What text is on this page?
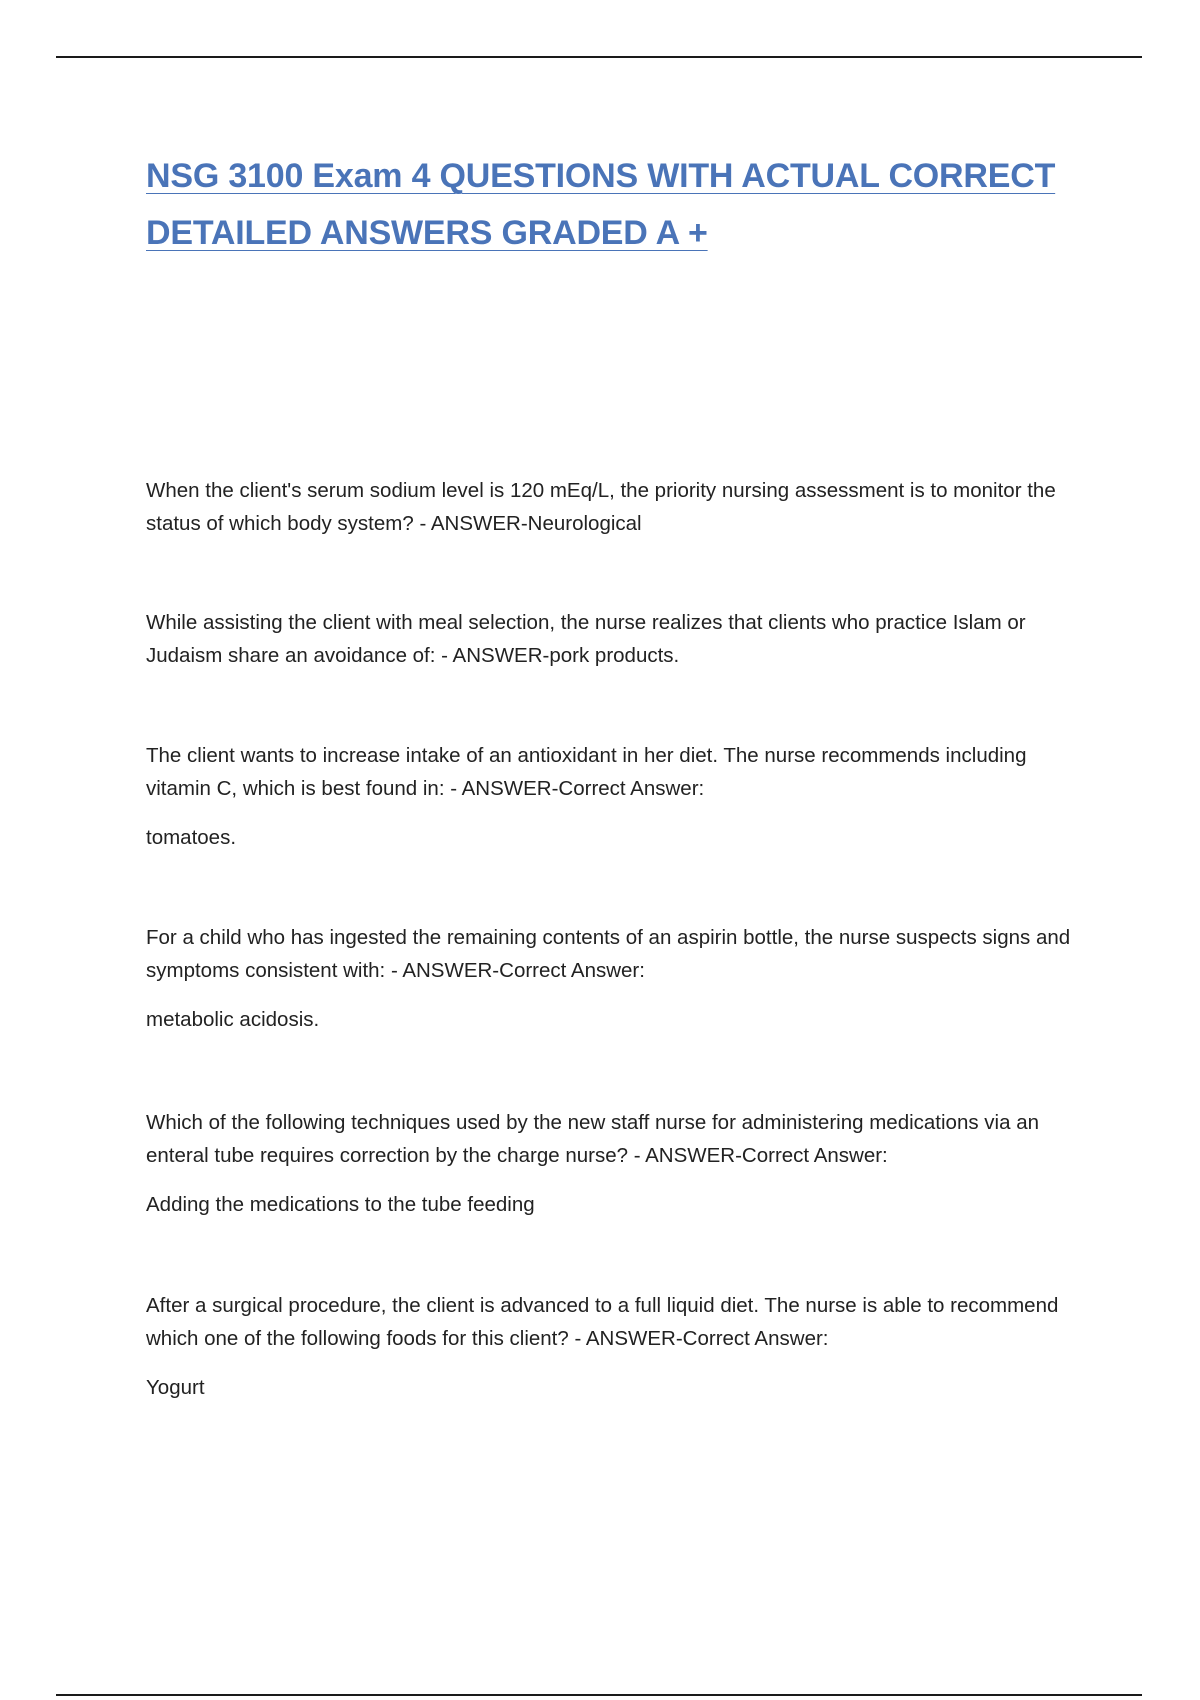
NSG 3100 Exam 4 QUESTIONS WITH ACTUAL CORRECT
DETAILED ANSWERS GRADED A +

When the client's serum sodium level is 120 mEq/L, the priority nursing assessment is to monitor the status of which body system? - ANSWER-Neurological

While assisting the client with meal selection, the nurse realizes that clients who practice Islam or Judaism share an avoidance of: - ANSWER-pork products.

The client wants to increase intake of an antioxidant in her diet. The nurse recommends including vitamin C, which is best found in: - ANSWER-Correct Answer:

tomatoes.

For a child who has ingested the remaining contents of an aspirin bottle, the nurse suspects signs and symptoms consistent with: - ANSWER-Correct Answer:

metabolic acidosis.

Which of the following techniques used by the new staff nurse for administering medications via an enteral tube requires correction by the charge nurse? - ANSWER-Correct Answer:

Adding the medications to the tube feeding

After a surgical procedure, the client is advanced to a full liquid diet. The nurse is able to recommend which one of the following foods for this client? - ANSWER-Correct Answer:

Yogurt
